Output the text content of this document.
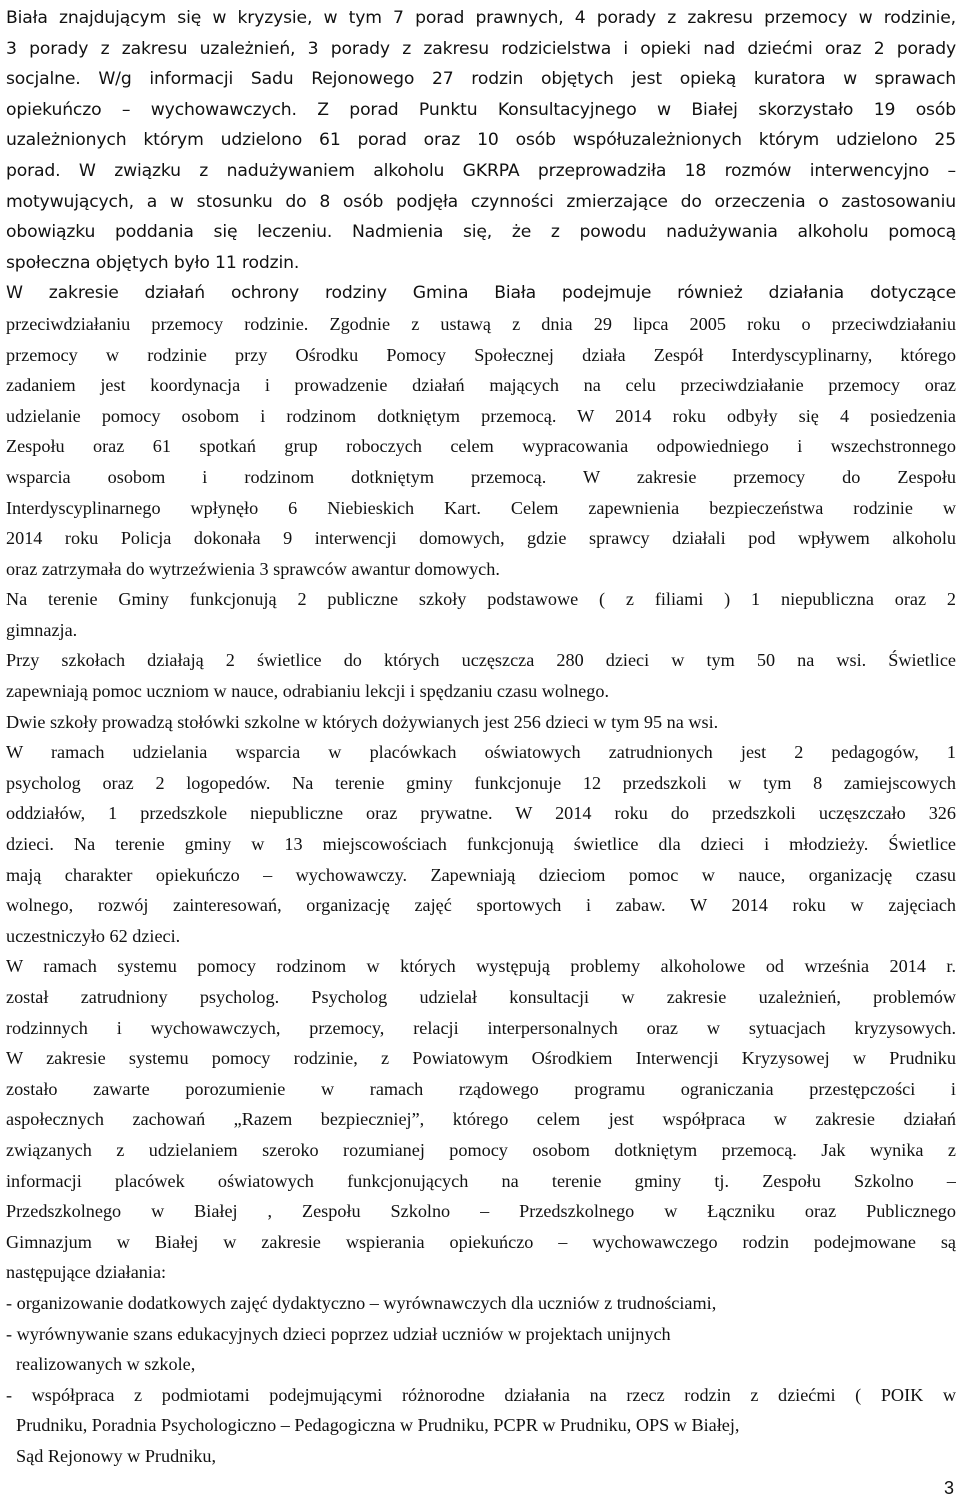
Biała znajdującym się w kryzysie, w tym 7 porad prawnych, 4 porady z zakresu przemocy w rodzinie,
3 porady z zakresu uzależnień, 3 porady z zakresu rodzicielstwa i opieki nad dziećmi oraz 2 porady
socjalne. W/g informacji Sadu Rejonowego 27 rodzin objętych jest opieką kuratora w sprawach
opiekuńczo – wychowawczych. Z porad Punktu Konsultacyjnego w Białej skorzystało 19 osób
uzależnionych którym udzielono 61 porad oraz 10 osób współuzależnionych którym udzielono 25
porad. W związku z nadużywaniem alkoholu GKRPA przeprowadziła 18 rozmów interwencyjno –
motywujących, a w stosunku do 8 osób podjęła czynności zmierzające do orzeczenia o zastosowaniu
obowiązku poddania się leczeniu. Nadmienia się, że z powodu nadużywania alkoholu pomocą
społeczna objętych było 11 rodzin.
W zakresie działań ochrony rodziny Gmina Biała podejmuje również działania dotyczące
przeciwdziałaniu przemocy rodzinie. Zgodnie z ustawą z dnia 29 lipca 2005 roku o przeciwdziałaniu
przemocy w rodzinie przy Ośrodku Pomocy Społecznej działa Zespół Interdyscyplinarny, którego
zadaniem jest koordynacja i prowadzenie działań mających na celu przeciwdziałanie przemocy oraz
udzielanie pomocy osobom i rodzinom dotkniętym przemocą. W 2014 roku odbyły się 4 posiedzenia
Zespołu oraz 61 spotkań grup roboczych celem wypracowania odpowiedniego i wszechstronnego
wsparcia osobom i rodzinom dotkniętym przemocą. W zakresie przemocy do Zespołu
Interdyscyplinarnego wpłynęło 6 Niebieskich Kart. Celem zapewnienia bezpieczeństwa rodzinie w
2014 roku Policja dokonała 9 interwencji domowych, gdzie sprawcy działali pod wpływem alkoholu
oraz zatrzymała do wytrzeźwienia 3 sprawców awantur domowych.
Na terenie Gminy funkcjonują 2 publiczne szkoły podstawowe ( z filiami ) 1 niepubliczna oraz 2
gimnazja.
Przy szkołach działają 2 świetlice do których uczęszcza 280 dzieci w tym 50 na wsi. Świetlice
zapewniają pomoc uczniom w nauce, odrabianiu lekcji i spędzaniu czasu wolnego.
Dwie szkoły prowadzą stołówki szkolne w których dożywianych jest 256 dzieci w tym 95 na wsi.
W ramach udzielania wsparcia w placówkach oświatowych zatrudnionych jest 2 pedagogów, 1
psycholog oraz 2 logopedów. Na terenie gminy funkcjonuje 12 przedszkoli w tym 8 zamiejscowych
oddziałów, 1 przedszkole niepubliczne oraz prywatne. W 2014 roku do przedszkoli uczęszczało 326
dzieci. Na terenie gminy w 13 miejscowościach funkcjonują świetlice dla dzieci i młodzieży. Świetlice
mają charakter opiekuńczo – wychowawczy. Zapewniają dzieciom pomoc w nauce, organizację czasu
wolnego, rozwój zainteresowań, organizację zajęć sportowych i zabaw. W 2014 roku w zajęciach
uczestniczyło 62 dzieci.
W ramach systemu pomocy rodzinom w których występują problemy alkoholowe od września 2014 r.
został zatrudniony psycholog. Psycholog udzielał konsultacji w zakresie uzależnień, problemów
rodzinnych i wychowawczych, przemocy, relacji interpersonalnych oraz w sytuacjach kryzysowych.
W zakresie systemu pomocy rodzinie, z Powiatowym Ośrodkiem Interwencji Kryzysowej w Prudniku
zostało zawarte porozumienie w ramach rządowego programu ograniczania przestępczości i
aspołecznych zachowań „Razem bezpieczniej”, którego celem jest współpraca w zakresie działań
związanych z udzielaniem szeroko rozumianej pomocy osobom dotkniętym przemocą. Jak wynika z
informacji placówek oświatowych funkcjonujących na terenie gminy tj. Zespołu Szkolno –
Przedszkolnego w Białej , Zespołu Szkolno – Przedszkolnego w Łączniku oraz Publicznego
Gimnazjum w Białej w zakresie wspierania opiekuńczo – wychowawczego rodzin podejmowane są
następujące działania:
- organizowanie dodatkowych zajęć dydaktyczno – wyrównawczych dla uczniów z trudnościami,
- wyrównywanie szans edukacyjnych dzieci poprzez udział uczniów w projektach unijnych
realizowanych w szkole,
- współpraca z podmiotami podejmującymi różnorodne działania na rzecz rodzin z dziećmi ( POIK w
Prudniku, Poradnia Psychologiczno – Pedagogiczna w Prudniku, PCPR w Prudniku, OPS w Białej,
Sąd Rejonowy w Prudniku,
3
